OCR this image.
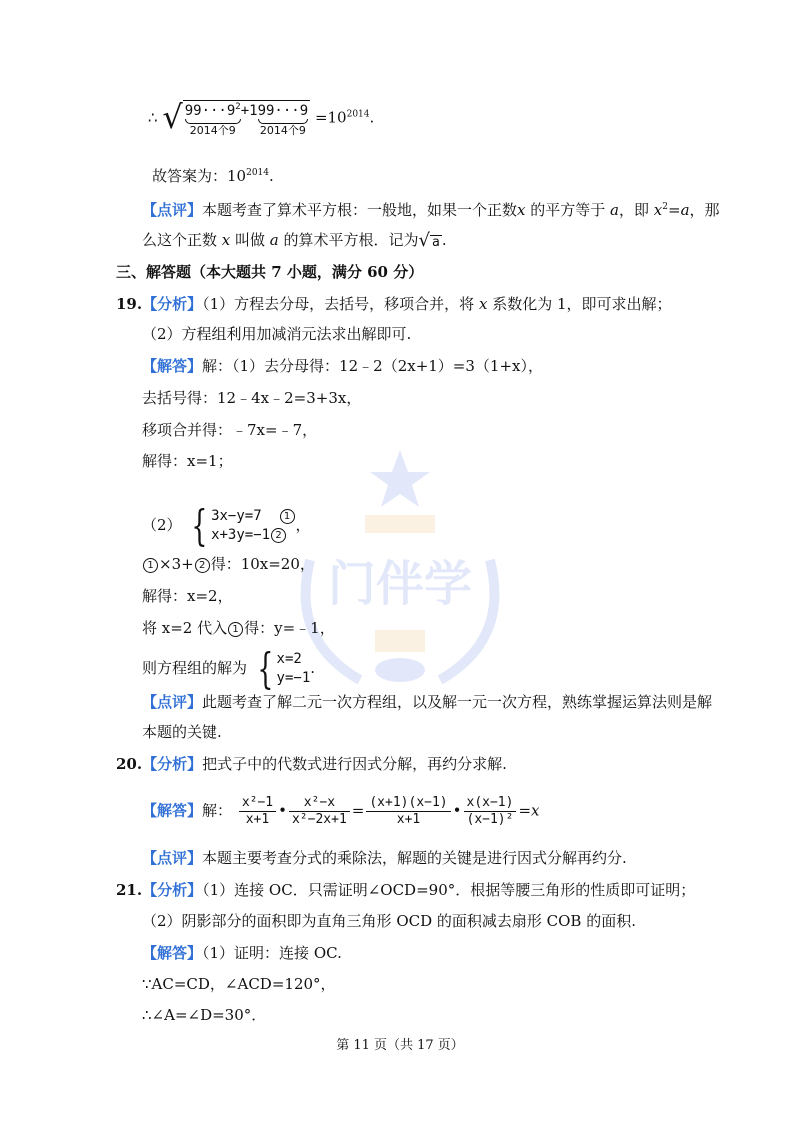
门伴学
∴ √ $99\cdot\cdot\cdot 9^2$
2014个9
+1 99···9
2014个9
$=10^{2014}$.
故答案为：$10^{2014}$.
【点评】本题考查了算术平方根：一般地，如果一个正数x 的平方等于 a，即 $x^2=a$，那
么这个正数 x 叫做 a 的算术平方根．记为 √ a .
三、解答题（本大题共 7 小题，满分 60 分）
19.【分析】（1）方程去分母，去括号，移项合并，将 x 系数化为 1，即可求出解；
（2）方程组利用加减消元法求出解即可.
【解答】解：（1）去分母得：12﹣2（2x+1）=3（1+x），
去括号得：12﹣4x﹣2=3+3x，
移项合并得：﹣7x=﹣7，
解得：x=1；
（2） { 3x−y=7 1
x+3y=−1 2
，
1 ×3+ 2 得：10x=20，
解得：x=2，
将 x=2 代入 1 得：y=﹣1，
则方程组的解为 { x=2
y=−1
.
【点评】此题考查了解二元一次方程组，以及解一元一次方程，熟练掌握运算法则是解
本题的关键.
20.【分析】把式子中的代数式进行因式分解，再约分求解.
【解答】解： $\frac{\text{x²−1}}{x+1}$ • $\frac{\text{x²−x}}{\text{x²−2x+1}} = \frac{(x+1)(x-1)}{x+1}$ • $\frac{x(x-1)}{\text{(x−1)²}} =x$
【点评】本题主要考查分式的乘除法，解题的关键是进行因式分解再约分.
21.【分析】（1）连接 OC．只需证明∠OCD=90°．根据等腰三角形的性质即可证明；
（2）阴影部分的面积即为直角三角形 OCD 的面积减去扇形 COB 的面积.
【解答】（1）证明：连接 OC.
∵AC=CD，∠ACD=120°，
∴∠A=∠D=30°．
第 11 页（共 17 页）
